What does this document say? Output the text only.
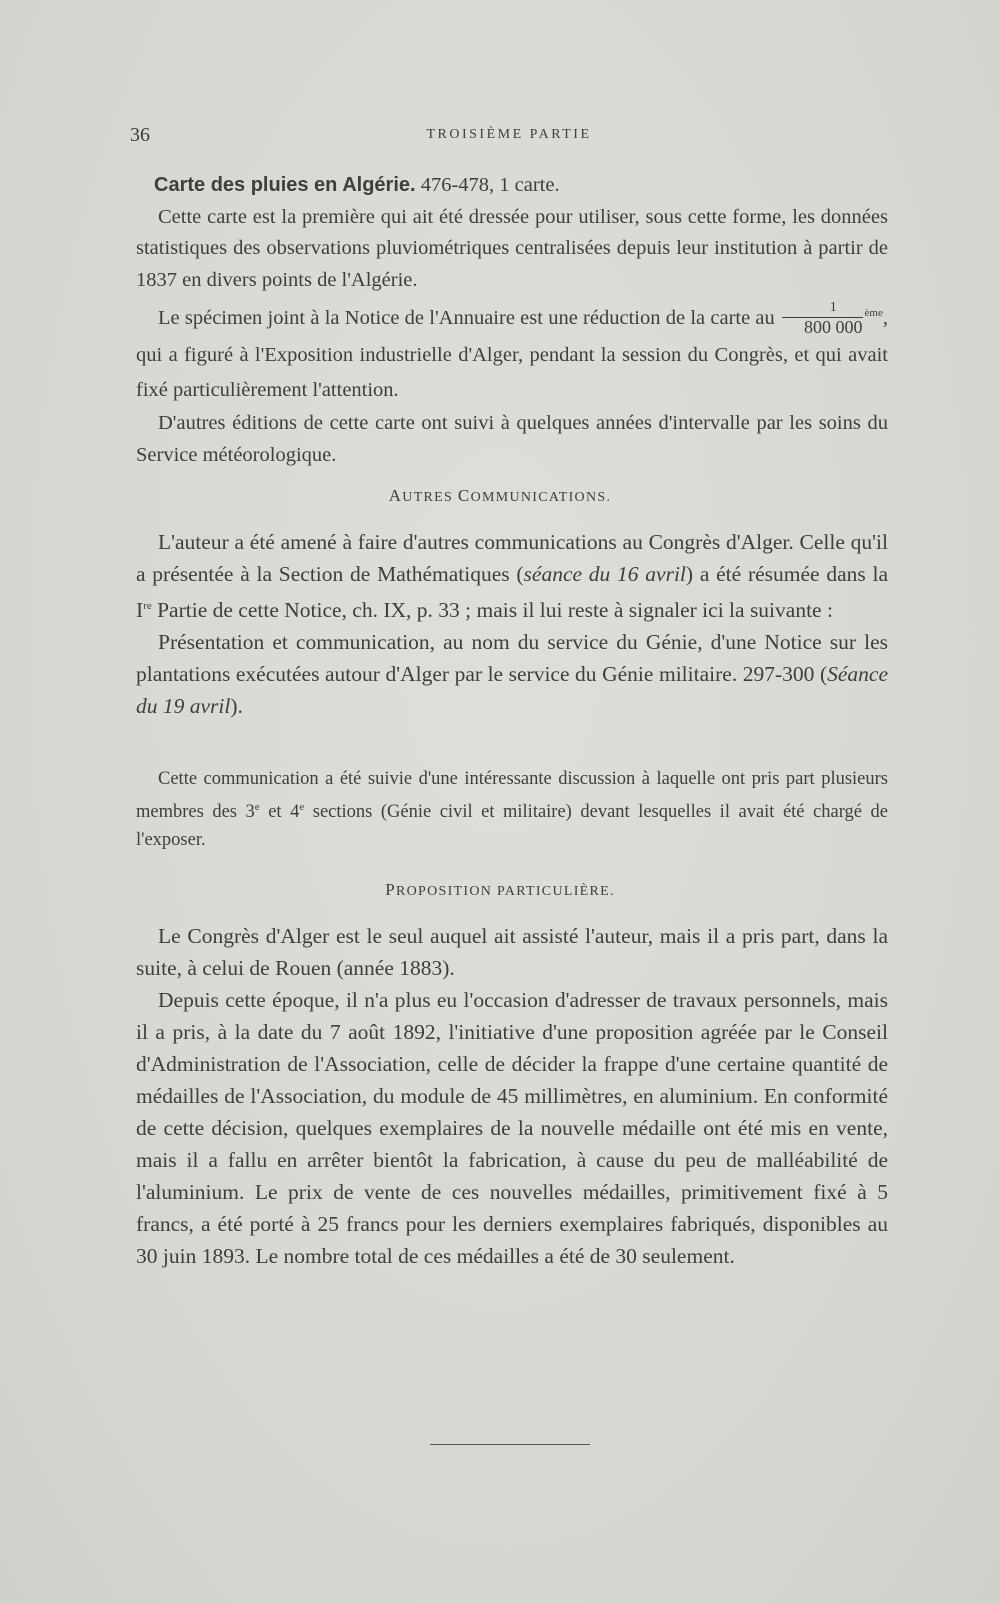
36	TROISIÈME PARTIE

Carte des pluies en Algérie. 476-478, 1 carte.

Cette carte est la première qui ait été dressée pour utiliser, sous cette forme, les données statistiques des observations pluviométriques centralisées depuis leur institution à partir de 1837 en divers points de l'Algérie.

Le spécimen joint à la Notice de l'Annuaire est une réduction de la carte au $\frac{1}{800 000} ^{ème}$, qui a figuré à l'Exposition industrielle d'Alger, pendant la session du Congrès, et qui avait fixé particulièrement l'attention.

D'autres éditions de cette carte ont suivi à quelques années d'intervalle par les soins du Service météorologique.

AUTRES COMMUNICATIONS.

L'auteur a été amené à faire d'autres communications au Congrès d'Alger. Celle qu'il a présentée à la Section de Mathématiques (séance du 16 avril) a été résumée dans la Ire Partie de cette Notice, ch. IX, p. 33 ; mais il lui reste à signaler ici la suivante :

Présentation et communication, au nom du service du Génie, d'une Notice sur les plantations exécutées autour d'Alger par le service du Génie militaire. 297-300 (Séance du 19 avril).

Cette communication a été suivie d'une intéressante discussion à laquelle ont pris part plusieurs membres des 3e et 4e sections (Génie civil et militaire) devant lesquelles il avait été chargé de l'exposer.

PROPOSITION PARTICULIÈRE.

Le Congrès d'Alger est le seul auquel ait assisté l'auteur, mais il a pris part, dans la suite, à celui de Rouen (année 1883).

Depuis cette époque, il n'a plus eu l'occasion d'adresser de travaux personnels, mais il a pris, à la date du 7 août 1892, l'initiative d'une proposition agréée par le Conseil d'Administration de l'Association, celle de décider la frappe d'une certaine quantité de médailles de l'Association, du module de 45 millimètres, en aluminium. En conformité de cette décision, quelques exemplaires de la nouvelle médaille ont été mis en vente, mais il a fallu en arrêter bientôt la fabrication, à cause du peu de malléabilité de l'aluminium. Le prix de vente de ces nouvelles médailles, primitivement fixé à 5 francs, a été porté à 25 francs pour les derniers exemplaires fabriqués, disponibles au 30 juin 1893. Le nombre total de ces médailles a été de 30 seulement.
